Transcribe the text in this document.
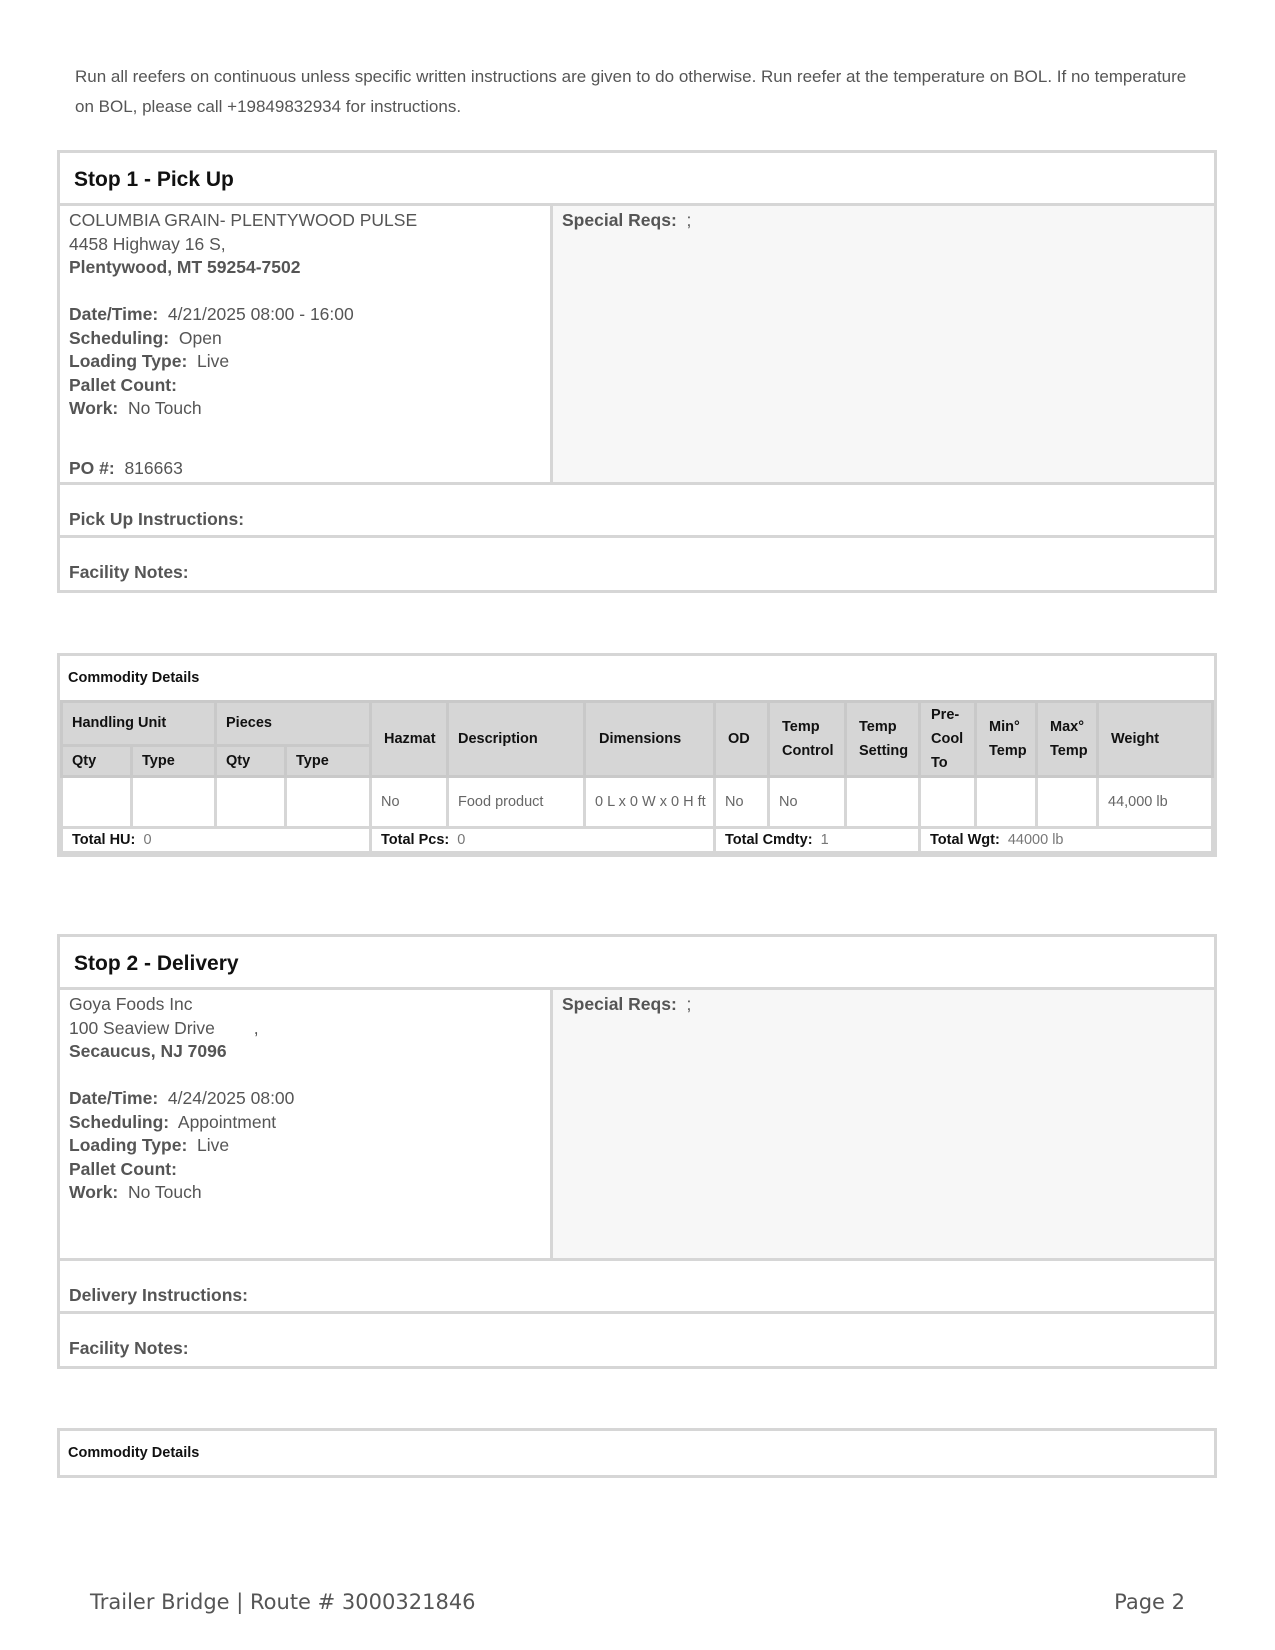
Run all reefers on continuous unless specific written instructions are given to do otherwise. Run reefer at the temperature on BOL. If no temperature on BOL, please call +19849832934 for instructions.
Stop 1 - Pick Up
COLUMBIA GRAIN- PLENTYWOOD PULSE
4458 Highway 16 S,
Plentywood, MT 59254-7502
Date/Time: 4/21/2025 08:00 - 16:00
Scheduling: Open
Loading Type: Live
Pallet Count:
Work: No Touch
PO #: 816663
Special Reqs: ;
Pick Up Instructions:
Facility Notes:
Commodity Details
Handling Unit		Pieces		Hazmat	Description	Dimensions	OD	Temp Control	Temp Setting	Pre-Cool To	Min° Temp	Max° Temp	Weight
Qty	Type	Qty	Type										
				No	Food product	0 L x 0 W x 0 H ft	No	No					44,000 lb
Total HU: 0				Total Pcs: 0			Total Cmdty: 1			Total Wgt: 44000 lb			
Stop 2 - Delivery
Goya Foods Inc
100 Seaview Drive        ,
Secaucus, NJ 7096
Date/Time: 4/24/2025 08:00
Scheduling: Appointment
Loading Type: Live
Pallet Count:
Work: No Touch
Special Reqs: ;
Delivery Instructions:
Facility Notes:
Commodity Details
Trailer Bridge | Route # 3000321846	Page 2
